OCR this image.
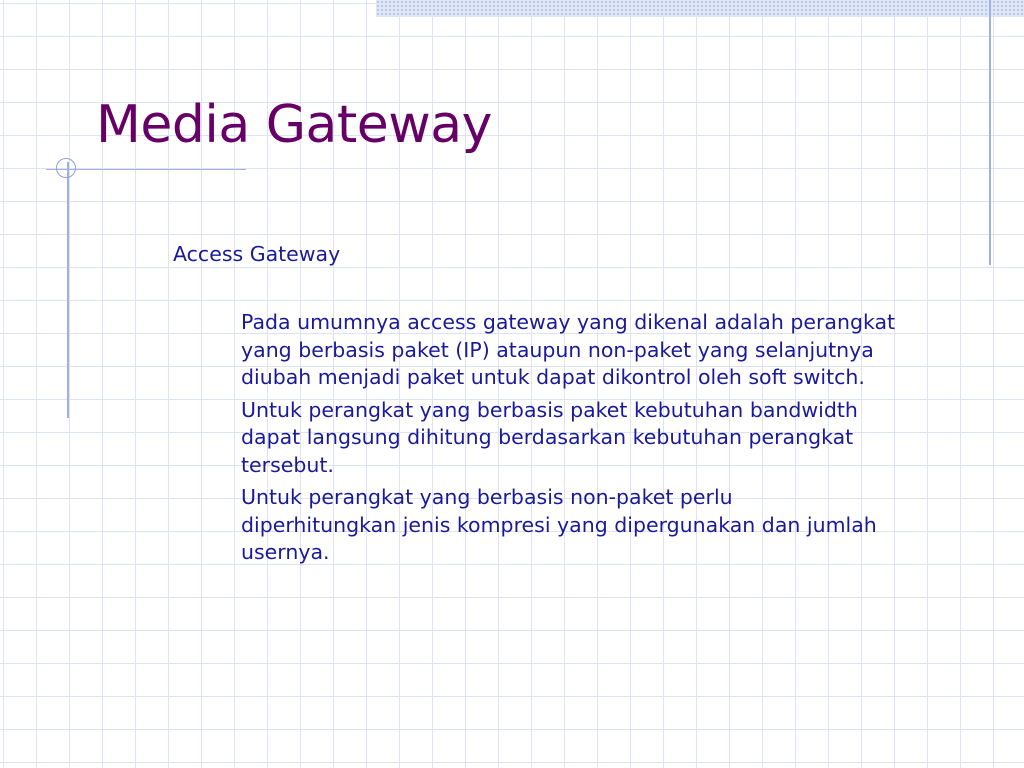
Media Gateway
Access Gateway
Pada umumnya access gateway yang dikenal adalah perangkat
yang berbasis paket (IP) ataupun non-paket yang selanjutnya
diubah menjadi paket untuk dapat dikontrol oleh soft switch.
Untuk perangkat yang berbasis paket kebutuhan bandwidth
dapat langsung dihitung berdasarkan kebutuhan perangkat
tersebut.
Untuk perangkat yang berbasis non-paket perlu
diperhitungkan jenis kompresi yang dipergunakan dan jumlah
usernya.
